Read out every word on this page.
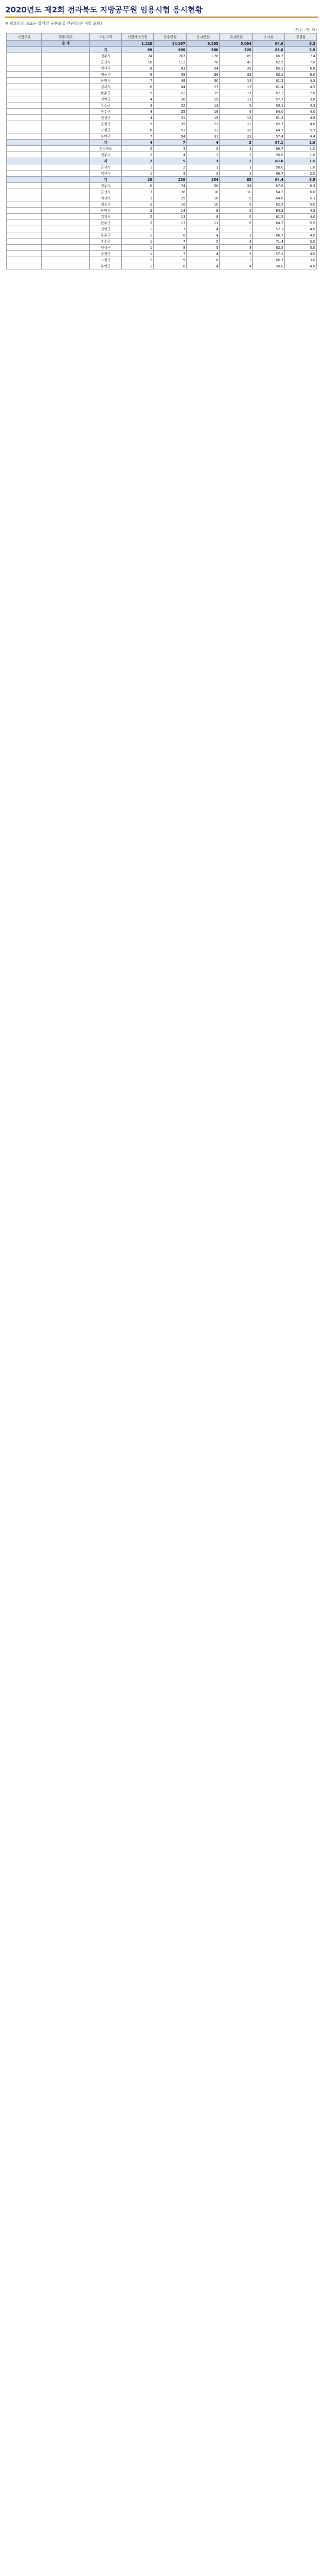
2020년도 제2회 전라북도 지방공무원 임용시험 응시현황
※ 괄호안의 ◎표는 장애인 구분모집 인원임(전 직렬 포함)
(단위 : 명, %)
시험구분	직렬(직류)	모집지역	선발예정인원	접수인원	응시인원	결시인원	응시율	경쟁률
	총 계		1,128	14,397	9,303	5,094	64.6	8.2
		계	99	909	580	329	63.8	5.9
		전주시	24	267	178	89	66.7	7.4
		군산시	10	112	70	42	62.5	7.0
		익산시	8	83	54	29	65.1	6.8
		정읍시	6	58	36	22	62.1	6.0
		남원시	7	49	30	19	61.2	4.3
		김제시	6	44	27	17	61.4	4.5
		완주군	5	52	35	17	67.3	7.0
		진안군	4	26	15	11	57.7	3.8
		무주군	3	22	13	9	59.1	4.3
		장수군	4	25	16	9	64.0	4.0
		임실군	4	31	19	12	61.3	4.8
		순창군	5	35	23	12	65.7	4.6
		고창군	6	51	33	18	64.7	5.5
		부안군	7	54	31	23	57.4	4.4
		계	4	7	4	3	57.1	1.0
		전라북도	2	3	2	1	66.7	1.0
		전주시	2	4	2	2	50.0	1.0
		계	2	5	3	2	60.0	1.5
		군산시	1	2	1	1	50.0	1.0
		익산시	1	3	2	1	66.7	2.0
		계	28	239	154	85	64.4	5.5
		전주시	6	74	50	24	67.6	8.3
		군산시	3	28	18	10	64.3	6.0
		익산시	3	25	16	9	64.0	5.3
		정읍시	2	16	10	6	62.5	5.0
		남원시	2	14	9	5	64.3	4.5
		김제시	2	13	8	5	61.5	4.0
		완주군	2	17	11	6	64.7	5.5
		진안군	1	7	4	3	57.1	4.0
		무주군	1	6	4	2	66.7	4.0
		장수군	1	7	5	2	71.4	5.0
		임실군	1	8	5	3	62.5	5.0
		순창군	1	7	4	3	57.1	4.0
		고창군	2	9	6	3	66.7	3.0
		부안군	1	8	4	4	50.0	4.0
